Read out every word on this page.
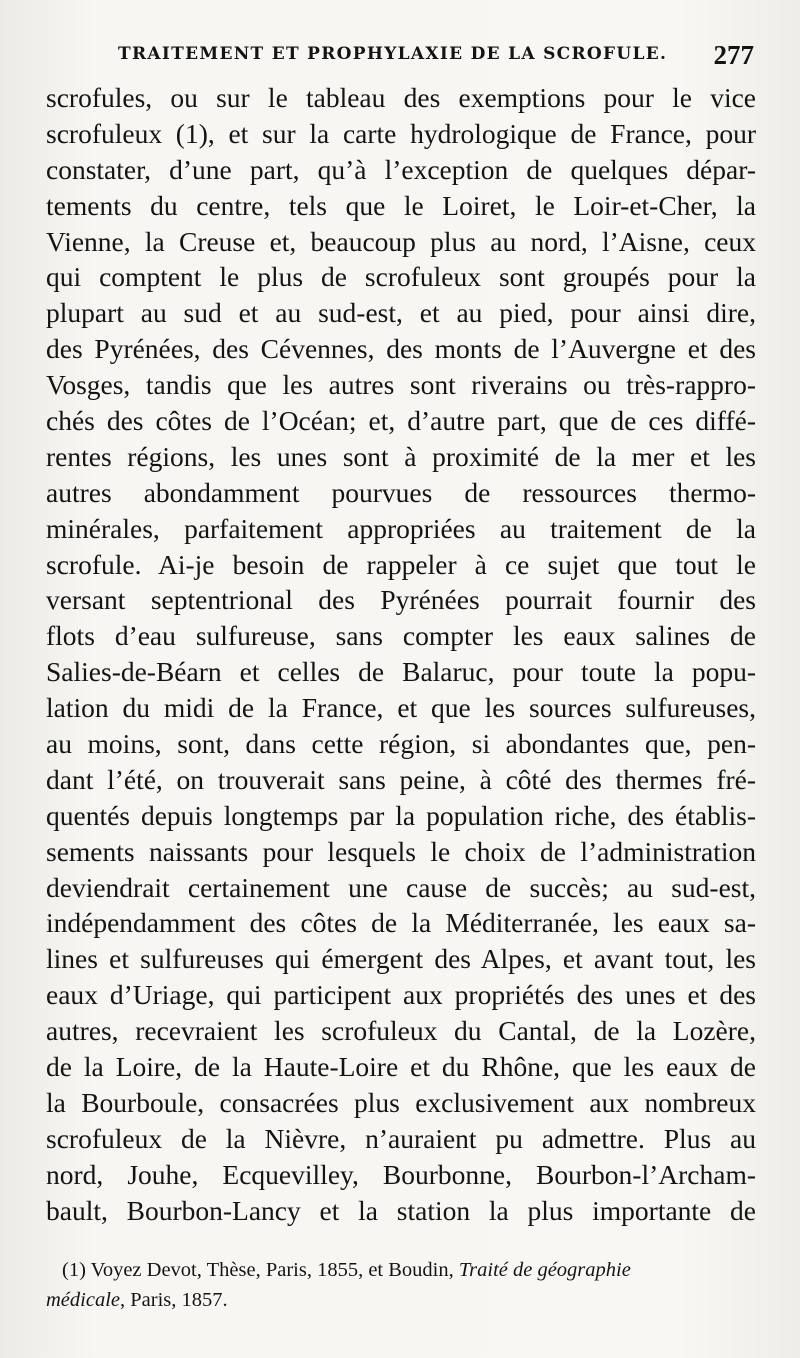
TRAITEMENT ET PROPHYLAXIE DE LA SCROFULE. 277
scrofules, ou sur le tableau des exemptions pour le vice
scrofuleux (1), et sur la carte hydrologique de France, pour
constater, d’une part, qu’à l’exception de quelques dépar-
tements du centre, tels que le Loiret, le Loir-et-Cher, la
Vienne, la Creuse et, beaucoup plus au nord, l’Aisne, ceux
qui comptent le plus de scrofuleux sont groupés pour la
plupart au sud et au sud-est, et au pied, pour ainsi dire,
des Pyrénées, des Cévennes, des monts de l’Auvergne et des
Vosges, tandis que les autres sont riverains ou très-rappro-
chés des côtes de l’Océan; et, d’autre part, que de ces diffé-
rentes régions, les unes sont à proximité de la mer et les
autres abondamment pourvues de ressources thermo-
minérales, parfaitement appropriées au traitement de la
scrofule. Ai-je besoin de rappeler à ce sujet que tout le
versant septentrional des Pyrénées pourrait fournir des
flots d’eau sulfureuse, sans compter les eaux salines de
Salies-de-Béarn et celles de Balaruc, pour toute la popu-
lation du midi de la France, et que les sources sulfureuses,
au moins, sont, dans cette région, si abondantes que, pen-
dant l’été, on trouverait sans peine, à côté des thermes fré-
quentés depuis longtemps par la population riche, des établis-
sements naissants pour lesquels le choix de l’administration
deviendrait certainement une cause de succès; au sud-est,
indépendamment des côtes de la Méditerranée, les eaux sa-
lines et sulfureuses qui émergent des Alpes, et avant tout, les
eaux d’Uriage, qui participent aux propriétés des unes et des
autres, recevraient les scrofuleux du Cantal, de la Lozère,
de la Loire, de la Haute-Loire et du Rhône, que les eaux de
la Bourboule, consacrées plus exclusivement aux nombreux
scrofuleux de la Nièvre, n’auraient pu admettre. Plus au
nord, Jouhe, Ecquevilley, Bourbonne, Bourbon-l’Archam-
bault, Bourbon-Lancy et la station la plus importante de
(1) Voyez Devot, Thèse, Paris, 1855, et Boudin, Traité de géographie
médicale, Paris, 1857.
